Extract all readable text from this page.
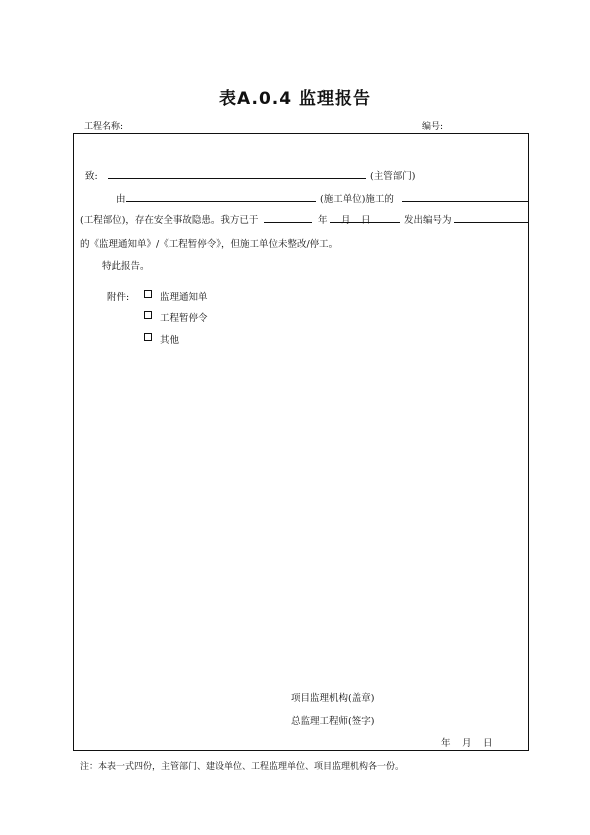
表A.0.4 监理报告
工程名称:	编号:
致:	(主管部门)
由	(施工单位)施工的
(工程部位)，存在安全事故隐患。我方已于	年 月 日	发出编号为
的《监理通知单》/《工程暂停令》，但施工单位未整改/停工。
特此报告。
附件:	监理通知单
工程暂停令
其他
项目监理机构(盖章)
总监理工程师(签字)
年 月 日
注：本表一式四份，主管部门、建设单位、工程监理单位、项目监理机构各一份。
